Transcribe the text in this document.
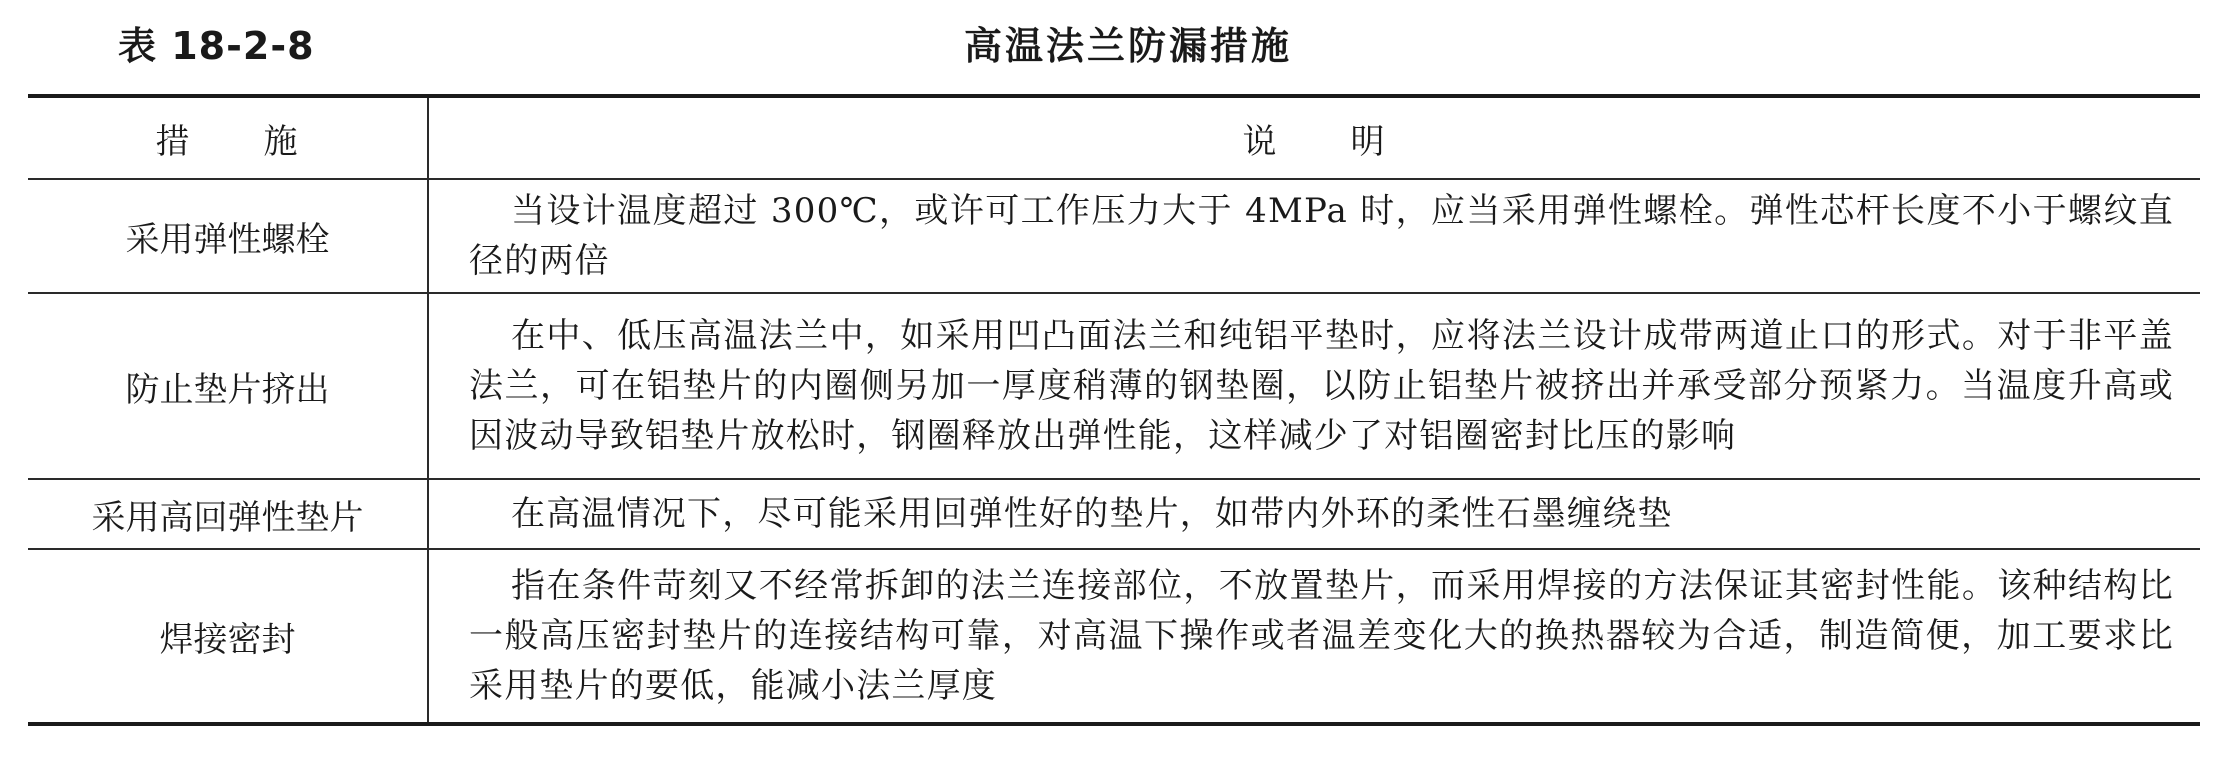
表 18-2-8	高温法兰防漏措施
措　　施	说　　明
采用弹性螺栓	当设计温度超过 300℃，或许可工作压力大于 4MPa 时，应当采用弹性螺栓。弹性芯杆长度不小于螺纹直径的两倍

防止垫片挤出	在中、低压高温法兰中，如采用凹凸面法兰和纯铝平垫时，应将法兰设计成带两道止口的形式。对于非平盖法兰，可在铝垫片的内圈侧另加一厚度稍薄的钢垫圈，以防止铝垫片被挤出并承受部分预紧力。当温度升高或因波动导致铝垫片放松时，钢圈释放出弹性能，这样减少了对铝圈密封比压的影响

采用高回弹性垫片	在高温情况下，尽可能采用回弹性好的垫片，如带内外环的柔性石墨缠绕垫

焊接密封	指在条件苛刻又不经常拆卸的法兰连接部位，不放置垫片，而采用焊接的方法保证其密封性能。该种结构比一般高压密封垫片的连接结构可靠，对高温下操作或者温差变化大的换热器较为合适，制造简便，加工要求比采用垫片的要低，能减小法兰厚度
